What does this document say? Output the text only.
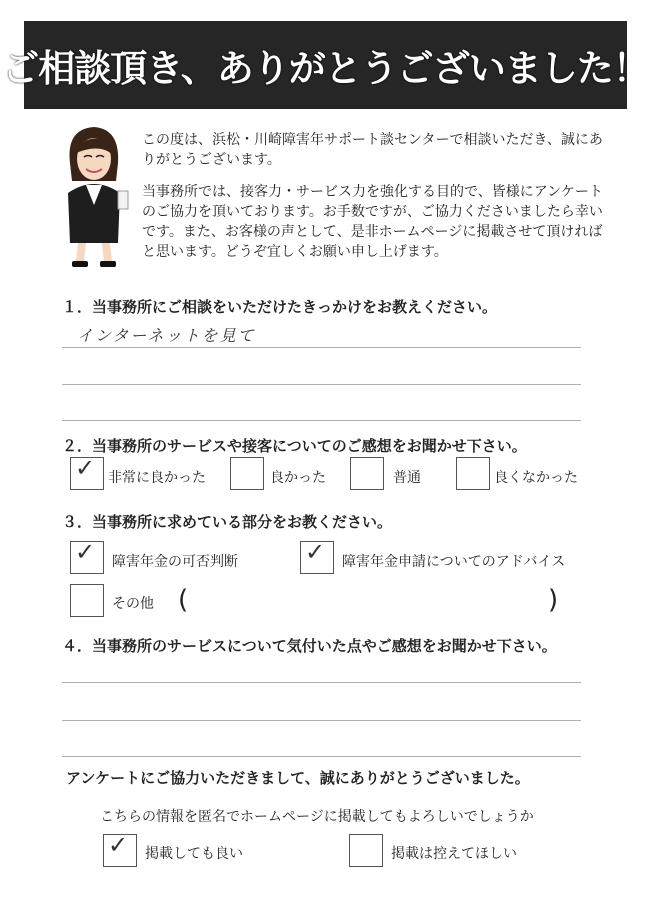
ご相談頂き、ありがとうございました！

この度は、浜松・川崎障害年サポート談センターで相談いただき、誠にありがとうございます。

当事務所では、接客力・サービス力を強化する目的で、皆様にアンケートのご協力を頂いております。お手数ですが、ご協力くださいましたら幸いです。また、お客様の声として、是非ホームページに掲載させて頂ければと思います。どうぞ宜しくお願い申し上げます。

１．当事務所にご相談をいただけたきっかけをお教えください。
インターネットを見て
２．当事務所のサービスや接客についてのご感想をお聞かせ下さい。
✓ 非常に良かった	良かった	普通	良くなかった
３．当事務所に求めている部分をお教ください。
✓ 障害年金の可否判断	✓ 障害年金申請についてのアドバイス
その他 (	)
４．当事務所のサービスについて気付いた点やご感想をお聞かせ下さい。
アンケートにご協力いただきまして、誠にありがとうございました。
こちらの情報を匿名でホームページに掲載してもよろしいでしょうか
✓ 掲載しても良い	掲載は控えてほしい
